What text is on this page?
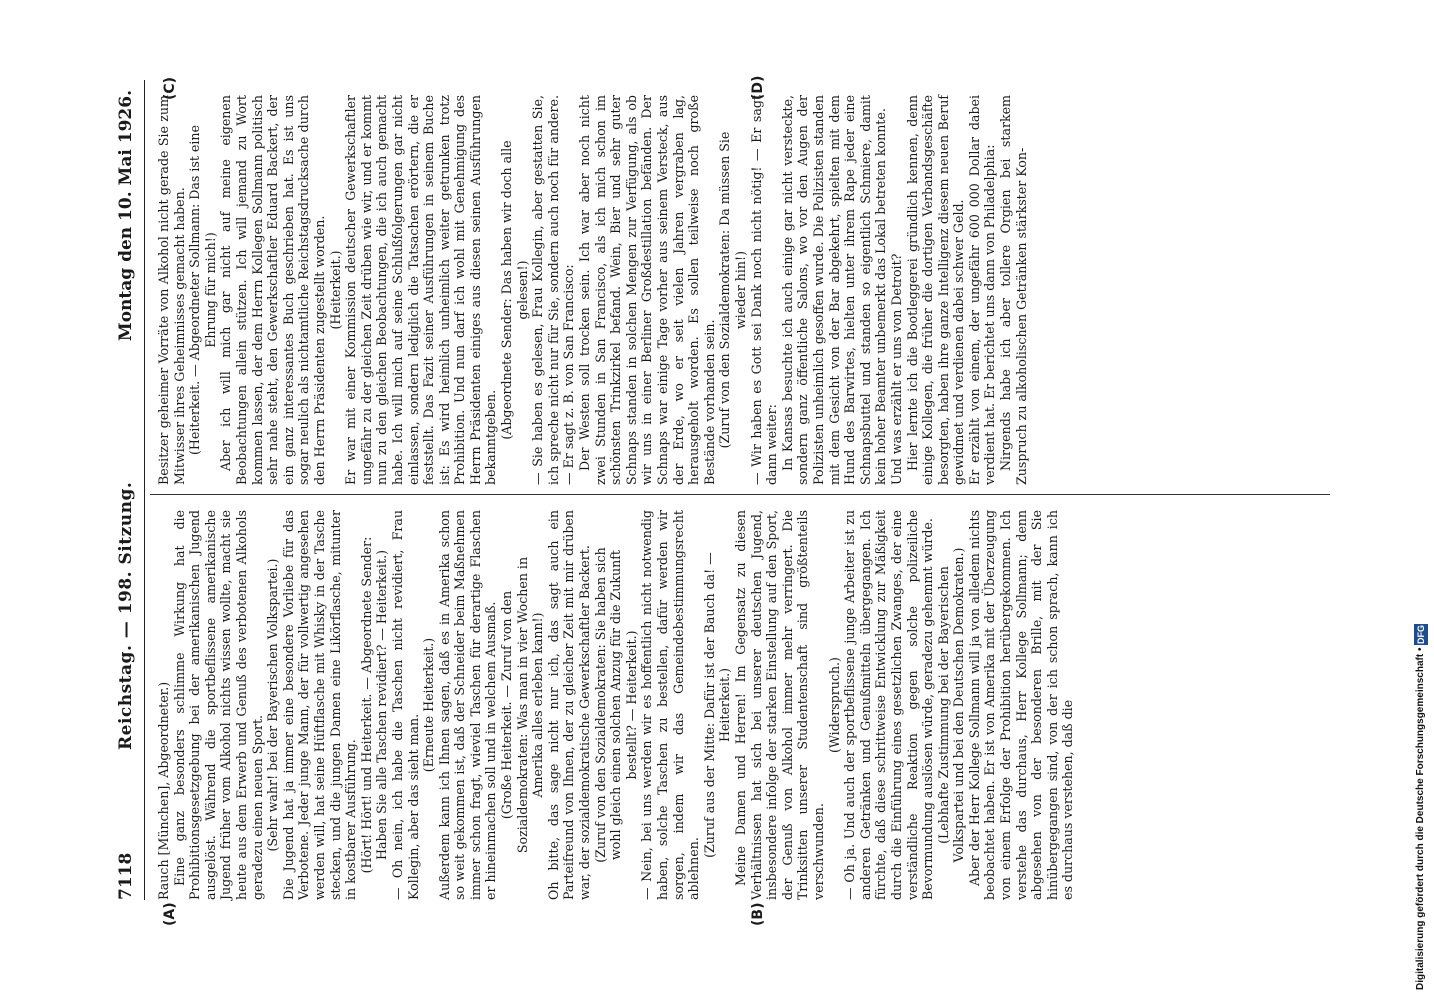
7118
Reichstag. — 198. Sitzung.
Montag den 10. Mai 1926.

Rauch [München], Abgeordneter.) Eine ganz besonders schlimme Wirkung hat die Prohibitionsgesetzgebung bei der amerikanischen Jugend ausgelöst. Während die sportbeflissene amerikanische Jugend früher vom Alkohol nichts wissen wollte, macht sie heute aus dem Erwerb und Genuß des verbotenen Alkohols geradezu einen neuen Sport. (Sehr wahr! bei der Bayerischen Volkspartei.) Die Jugend hat ja immer eine besondere Vorliebe für das Verbotene. Jeder junge Mann, der für vollwertig angesehen werden will, hat seine Hüftflasche mit Whisky in der Tasche stecken, und die jungen Damen eine Likörflasche, mitunter in kostbarer Ausführung. (Hört! Hört! und Heiterkeit. — Abgeordnete Sender: Haben Sie alle Taschen revidiert? — Heiterkeit.) — Oh nein, ich habe die Taschen nicht revidiert, Frau Kollegin, aber das sieht man.

(Erneute Heiterkeit.) Außerdem kann ich Ihnen sagen, daß es in Amerika schon so weit gekommen ist, daß der Schneider beim Maßnehmen immer schon fragt, wieviel Taschen für derartige Flaschen er hineinmachen soll und in welchem Ausmaß. (Große Heiterkeit. — Zuruf von den Sozialdemokraten: Was man in vier Wochen in Amerika alles erleben kann!) Oh bitte, das sage nicht nur ich, das sagt auch ein Parteifreund von Ihnen, der zu gleicher Zeit mit mir drüben war, der sozialdemokratische Gewerkschaftler Backert. (Zuruf von den Sozialdemokraten: Sie haben sich wohl gleich einen solchen Anzug für die Zukunft bestellt? — Heiterkeit.) — Nein, bei uns werden wir es hoffentlich nicht notwendig haben, solche Taschen zu bestellen, dafür werden wir sorgen, indem wir das Gemeindebestimmungsrecht ablehnen.

(Zuruf aus der Mitte: Dafür ist der Bauch da! — Heiterkeit.) Meine Damen und Herren! Im Gegensatz zu diesen Verhältnissen hat sich bei unserer deutschen Jugend, insbesondere infolge der starken Einstellung auf den Sport, der Genuß von Alkohol immer mehr verringert. Die Trinksitten unserer Studentenschaft sind größtenteils verschwunden.

(Widerspruch.) — Oh ja. Und auch der sportbeflissene junge Arbeiter ist zu anderen Getränken und Genußmitteln übergegangen. Ich fürchte, daß diese schrittweise Entwicklung zur Mäßigkeit durch die Einführung eines gesetzlichen Zwanges, der eine verständliche Reaktion gegen solche polizeiliche Bevormundung auslösen würde, geradezu gehemmt würde. (Lebhafte Zustimmung bei der Bayerischen Volkspartei und bei den Deutschen Demokraten.) Aber der Herr Kollege Sollmann will ja von alledem nichts beobachtet haben. Er ist von Amerika mit der Überzeugung von einem Erfolge der Prohibition herübergekommen. Ich verstehe das durchaus, Herr Kollege Sollmann; denn abgesehen von der besonderen Brille, mit der Sie hinübergegangen sind, von der ich schon sprach, kann ich es durchaus verstehen, daß die

Besitzer geheimer Vorräte von Alkohol nicht gerade Sie zum Mitwisser ihres Geheimnisses gemacht haben. (Heiterkeit. — Abgeordneter Sollmann: Das ist eine Ehrung für mich!) Aber ich will mich gar nicht auf meine eigenen Beobachtungen allein stützen. Ich will jemand zu Wort kommen lassen, der dem Herrn Kollegen Sollmann politisch sehr nahe steht, den Gewerkschaftler Eduard Backert, der ein ganz interessantes Buch geschrieben hat. Es ist uns sogar neulich als nichtamtliche Reichstagsdrucksache durch den Herrn Präsidenten zugestellt worden. (Heiterkeit.) Er war mit einer Kommission deutscher Gewerkschaftler ungefähr zu der gleichen Zeit drüben wie wir, und er kommt nun zu den gleichen Beobachtungen, die ich auch gemacht habe. Ich will mich auf seine Schlußfolgerungen gar nicht einlassen, sondern lediglich die Tatsachen erörtern, die er feststellt. Das Fazit seiner Ausführungen in seinem Buche ist: Es wird heimlich unheimlich weiter getrunken trotz Prohibition. Und nun darf ich wohl mit Genehmigung des Herrn Präsidenten einiges aus diesen seinen Ausführungen bekanntgeben. (Abgeordnete Sender: Das haben wir doch alle gelesen!) — Sie haben es gelesen, Frau Kollegin, aber gestatten Sie, ich spreche nicht nur für Sie, sondern auch noch für andere. — Er sagt z. B. von San Francisco: Der Westen soll trocken sein. Ich war aber noch nicht zwei Stunden in San Francisco, als ich mich schon im schönsten Trinkzirkel befand. Wein, Bier und sehr guter Schnaps standen in solchen Mengen zur Verfügung, als ob wir uns in einer Berliner Großdestillation befänden. Der Schnaps war einige Tage vorher aus seinem Versteck, aus der Erde, wo er seit vielen Jahren vergraben lag, herausgeholt worden. Es sollen teilweise noch große Bestände vorhanden sein. (Zuruf von den Sozialdemokraten: Da müssen Sie wieder hin!) — Wir haben es Gott sei Dank noch nicht nötig! — Er sagt dann weiter: In Kansas besuchte ich auch einige gar nicht versteckte, sondern ganz öffentliche Salons, wo vor den Augen der Polizisten unheimlich gesoffen wurde. Die Polizisten standen mit dem Gesicht von der Bar abgekehrt, spielten mit dem Hund des Barwirtes, hielten unter ihrem Rape jeder eine Schnapsbuttel und standen so eigentlich Schmiere, damit kein hoher Beamter unbemerkt das Lokal betreten konnte. Und was erzählt er uns von Detroit? Hier lernte ich die Bootleggerei gründlich kennen, denn einige Kollegen, die früher die dortigen Verbandsgeschäfte besorgten, haben ihre ganze Intelligenz diesem neuen Beruf gewidmet und verdienen dabei schwer Geld. Er erzählt von einem, der ungefähr 600 000 Dollar dabei verdient hat. Er berichtet uns dann von Philadelphia: Nirgends habe ich aber tollere Orgien bei starkem Zuspruch zu alkoholischen Getränken stärkster Kon-

(A)	(B)
(C)	(D)
Digitalisierung gefördert durch die Deutsche Forschungsgemeinschaft • DFG
